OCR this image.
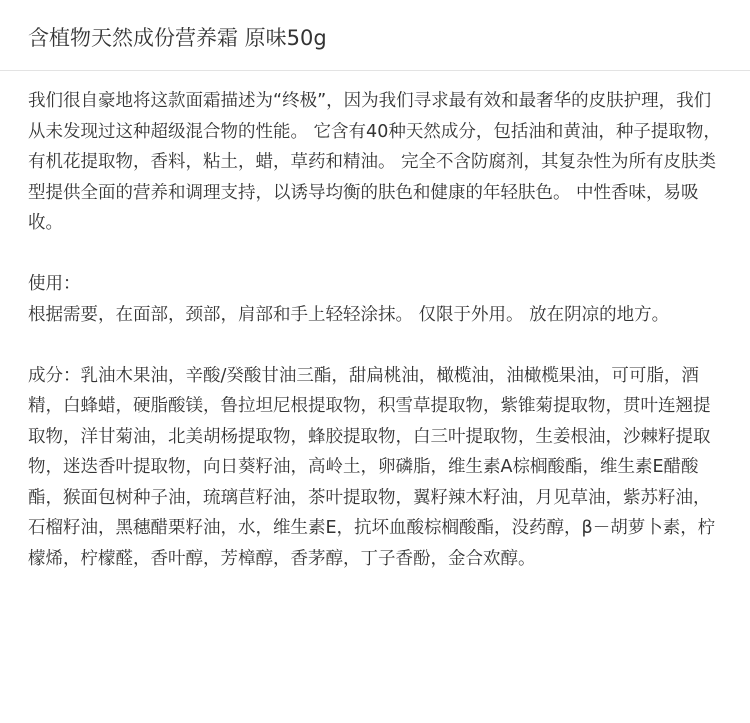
含植物天然成份营养霜 原味50g

我们很自豪地将这款面霜描述为“终极”，因为我们寻求最有效和最奢华的皮肤护理，我们从未发现过这种超级混合物的性能。 它含有40种天然成分，包括油和黄油，种子提取物，有机花提取物，香料，粘土，蜡，草药和精油。 完全不含防腐剂，其复杂性为所有皮肤类型提供全面的营养和调理支持，以诱导均衡的肤色和健康的年轻肤色。 中性香味，易吸收。

使用：

根据需要，在面部，颈部，肩部和手上轻轻涂抹。 仅限于外用。 放在阴凉的地方。

成分：乳油木果油，辛酸/癸酸甘油三酯，甜扁桃油，橄榄油，油橄榄果油，可可脂，酒精，白蜂蜡，硬脂酸镁，鲁拉坦尼根提取物，积雪草提取物，紫锥菊提取物，贯叶连翘提取物，洋甘菊油，北美胡杨提取物，蜂胶提取物，白三叶提取物，生姜根油，沙棘籽提取物，迷迭香叶提取物，向日葵籽油，高岭土，卵磷脂，维生素A棕榈酸酯，维生素E醋酸酯，猴面包树种子油，琉璃苣籽油，茶叶提取物，翼籽辣木籽油，月见草油，紫苏籽油，石榴籽油，黑穗醋栗籽油，水，维生素E，抗坏血酸棕榈酸酯，没药醇，β－胡萝卜素，柠檬烯，柠檬醛，香叶醇，芳樟醇，香茅醇，丁子香酚，金合欢醇。
